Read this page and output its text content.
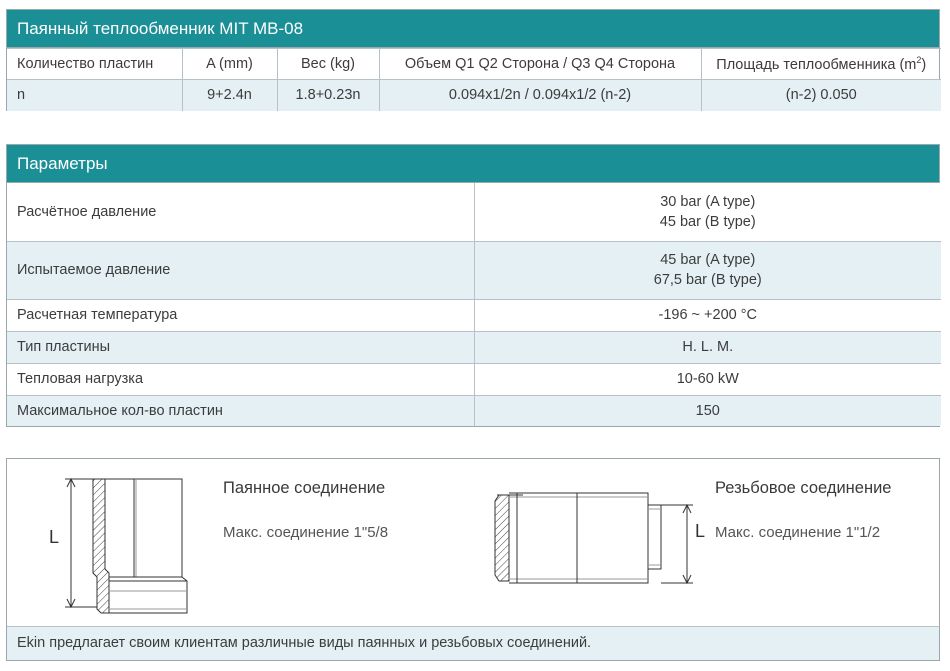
Паянный теплообменник MIT MB-08
Количество пластин	A (mm)	Вес (kg)	Объем Q1 Q2 Сторона / Q3 Q4 Сторона	Площадь теплообменника $(m^2)$
n	9+2.4n	1.8+0.23n	0.094x1/2n / 0.094x1/2 (n-2)	(n-2) 0.050
Параметры
Расчётное давление	30 bar (A type)
45 bar (B type)

Испытаемое давление	45 bar (A type)
67,5 bar (B type)

Расчетная температура	-196 ~ +200 °C
Тип пластины	H. L. M.
Тепловая нагрузка	10-60 kW
Максимальное кол-во пластин	150
L
Паянное соединение
Макс. соединение 1"5/8	L
Резьбовое соединение
Макс. соединение 1"1/2
Ekin предлагает своим клиентам различные виды паянных и резьбовых соединений.
